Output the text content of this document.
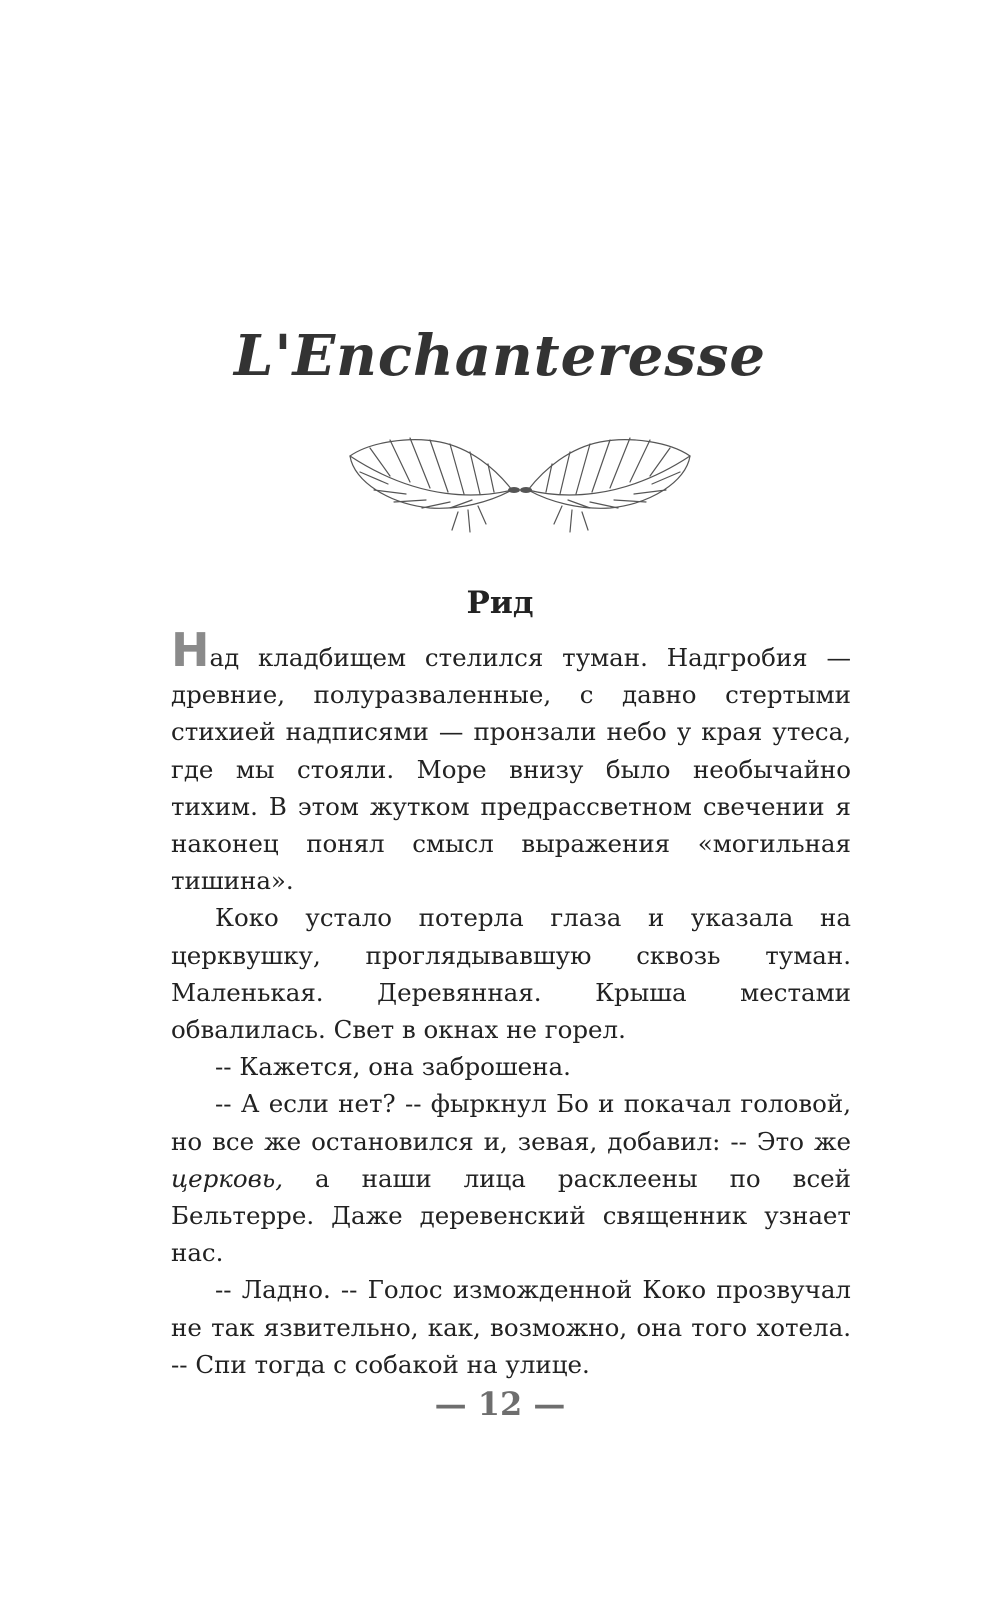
L'Enchanteresse
Рид

Над кладбищем стелился туман. Надгробия — древние, полуразваленные, с давно стертыми стихией надписями — пронзали небо у края утеса, где мы стояли. Море внизу было необычайно тихим. В этом жутком предрассветном свечении я наконец понял смысл выражения «могильная тишина».

Коко устало потерла глаза и указала на церквушку, проглядывавшую сквозь туман. Маленькая. Деревянная. Крыша местами обвалилась. Свет в окнах не горел.

-- Кажется, она заброшена.

-- А если нет? -- фыркнул Бо и покачал головой, но все же остановился и, зевая, добавил: -- Это же церковь, а наши лица расклеены по всей Бельтерре. Даже деревенский священник узнает нас.

-- Ладно. -- Голос изможденной Коко прозвучал не так язвительно, как, возможно, она того хотела. -- Спи тогда с собакой на улице.

— 12 —
